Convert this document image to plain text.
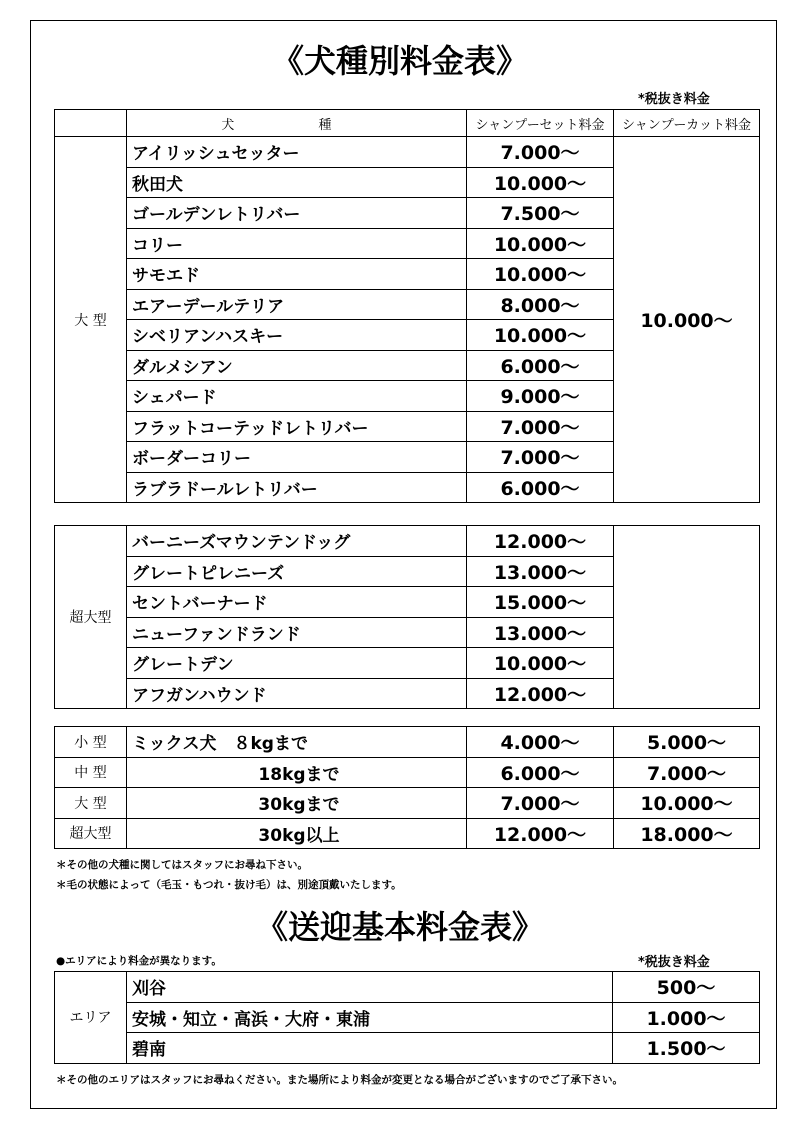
《犬種別料金表》
*税抜き料金
	犬 種	シャンプーセット料金	シャンプーカット料金
大 型	アイリッシュセッター	7.000〜	10.000〜
	秋田犬	10.000〜	
	ゴールデンレトリバー	7.500〜	
	コリー	10.000〜	
	サモエド	10.000〜	
	エアーデールテリア	8.000〜	
	シベリアンハスキー	10.000〜	
	ダルメシアン	6.000〜	
	シェパード	9.000〜	
	フラットコーテッドレトリバー	7.000〜	
	ボーダーコリー	7.000〜	
	ラブラドールレトリバー	6.000〜	
超大型	バーニーズマウンテンドッグ	12.000〜	
	グレートピレニーズ	13.000〜	
	セントバーナード	15.000〜	
	ニューファンドランド	13.000〜	
	グレートデン	10.000〜	
	アフガンハウンド	12.000〜	
小 型	ミックス犬　８kgまで	4.000〜	5.000〜
中 型	18kgまで	6.000〜	7.000〜
大 型	30kgまで	7.000〜	10.000〜
超大型	30kg以上	12.000〜	18.000〜
＊その他の犬種に関してはスタッフにお尋ね下さい。
＊毛の状態によって（毛玉・もつれ・抜け毛）は、別途頂戴いたします。
《送迎基本料金表》
●エリアにより料金が異なります。	*税抜き料金
エリア	刈谷	500〜
	安城・知立・高浜・大府・東浦	1.000〜
	碧南	1.500〜
＊その他のエリアはスタッフにお尋ねください。また場所により料金が変更となる場合がございますのでご了承下さい。
